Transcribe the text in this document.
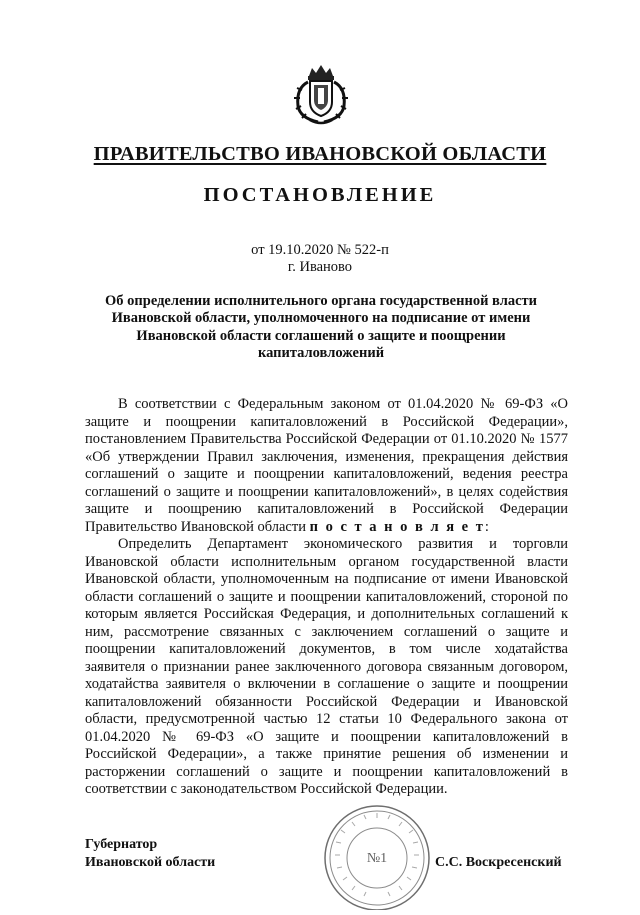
ПРАВИТЕЛЬСТВО ИВАНОВСКОЙ ОБЛАСТИ
ПОСТАНОВЛЕНИЕ
от 19.10.2020 № 522-п
г. Иваново
Об определении исполнительного органа государственной власти
Ивановской области, уполномоченного на подписание от имени
Ивановской области соглашений о защите и поощрении
капиталовложений

В соответствии с Федеральным законом от 01.04.2020 № 69-ФЗ «О защите и поощрении капиталовложений в Российской Федерации», постановлением Правительства Российской Федерации от 01.10.2020 № 1577 «Об утверждении Правил заключения, изменения, прекращения действия соглашений о защите и поощрении капиталовложений, ведения реестра соглашений о защите и поощрении капиталовложений», в целях содействия защите и поощрению капиталовложений в Российской Федерации Правительство Ивановской области п о с т а н о в л я е т:

Определить Департамент экономического развития и торговли Ивановской области исполнительным органом государственной власти Ивановской области, уполномоченным на подписание от имени Ивановской области соглашений о защите и поощрении капиталовложений, стороной по которым является Российская Федерация, и дополнительных соглашений к ним, рассмотрение связанных с заключением соглашений о защите и поощрении капиталовложений документов, в том числе ходатайства заявителя о признании ранее заключенного договора связанным договором, ходатайства заявителя о включении в соглашение о защите и поощрении капиталовложений обязанности Российской Федерации и Ивановской области, предусмотренной частью 12 статьи 10 Федерального закона от 01.04.2020 № 69-ФЗ «О защите и поощрении капиталовложений в Российской Федерации», а также принятие решения об изменении и расторжении соглашений о защите и поощрении капиталовложений в соответствии с законодательством Российской Федерации.

Губернатор
Ивановской области	№1	С.С. Воскресенский
